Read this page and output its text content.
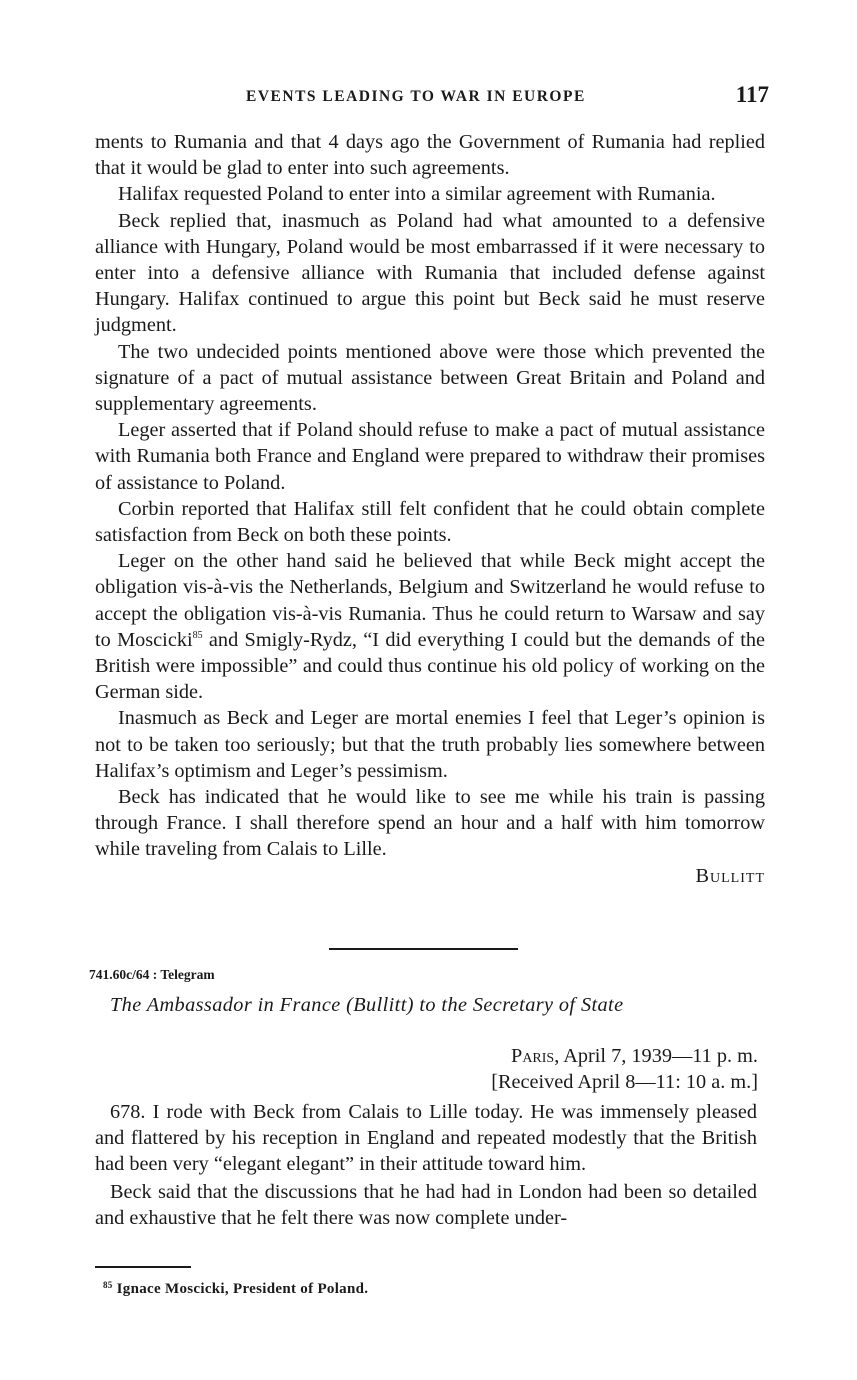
EVENTS LEADING TO WAR IN EUROPE	117

ments to Rumania and that 4 days ago the Government of Rumania had replied that it would be glad to enter into such agreements.

Halifax requested Poland to enter into a similar agreement with Rumania.

Beck replied that, inasmuch as Poland had what amounted to a defensive alliance with Hungary, Poland would be most embarrassed if it were necessary to enter into a defensive alliance with Rumania that included defense against Hungary. Halifax continued to argue this point but Beck said he must reserve judgment.

The two undecided points mentioned above were those which prevented the signature of a pact of mutual assistance between Great Britain and Poland and supplementary agreements.

Leger asserted that if Poland should refuse to make a pact of mutual assistance with Rumania both France and England were prepared to withdraw their promises of assistance to Poland.

Corbin reported that Halifax still felt confident that he could obtain complete satisfaction from Beck on both these points.

Leger on the other hand said he believed that while Beck might accept the obligation vis-à-vis the Netherlands, Belgium and Switzerland he would refuse to accept the obligation vis-à-vis Rumania. Thus he could return to Warsaw and say to Moscicki$^{85}$ and Smigly-Rydz, “I did everything I could but the demands of the British were impossible” and could thus continue his old policy of working on the German side.

Inasmuch as Beck and Leger are mortal enemies I feel that Leger’s opinion is not to be taken too seriously; but that the truth probably lies somewhere between Halifax’s optimism and Leger’s pessimism.

Beck has indicated that he would like to see me while his train is passing through France. I shall therefore spend an hour and a half with him tomorrow while traveling from Calais to Lille.

Bullitt

741.60c/64 : Telegram
The Ambassador in France (Bullitt) to the Secretary of State
Paris, April 7, 1939—11 p. m.
[Received April 8—11: 10 a. m.]

678. I rode with Beck from Calais to Lille today. He was immensely pleased and flattered by his reception in England and repeated modestly that the British had been very “elegant elegant” in their attitude toward him.

Beck said that the discussions that he had had in London had been so detailed and exhaustive that he felt there was now complete under-

$^{85}$ Ignace Moscicki, President of Poland.
